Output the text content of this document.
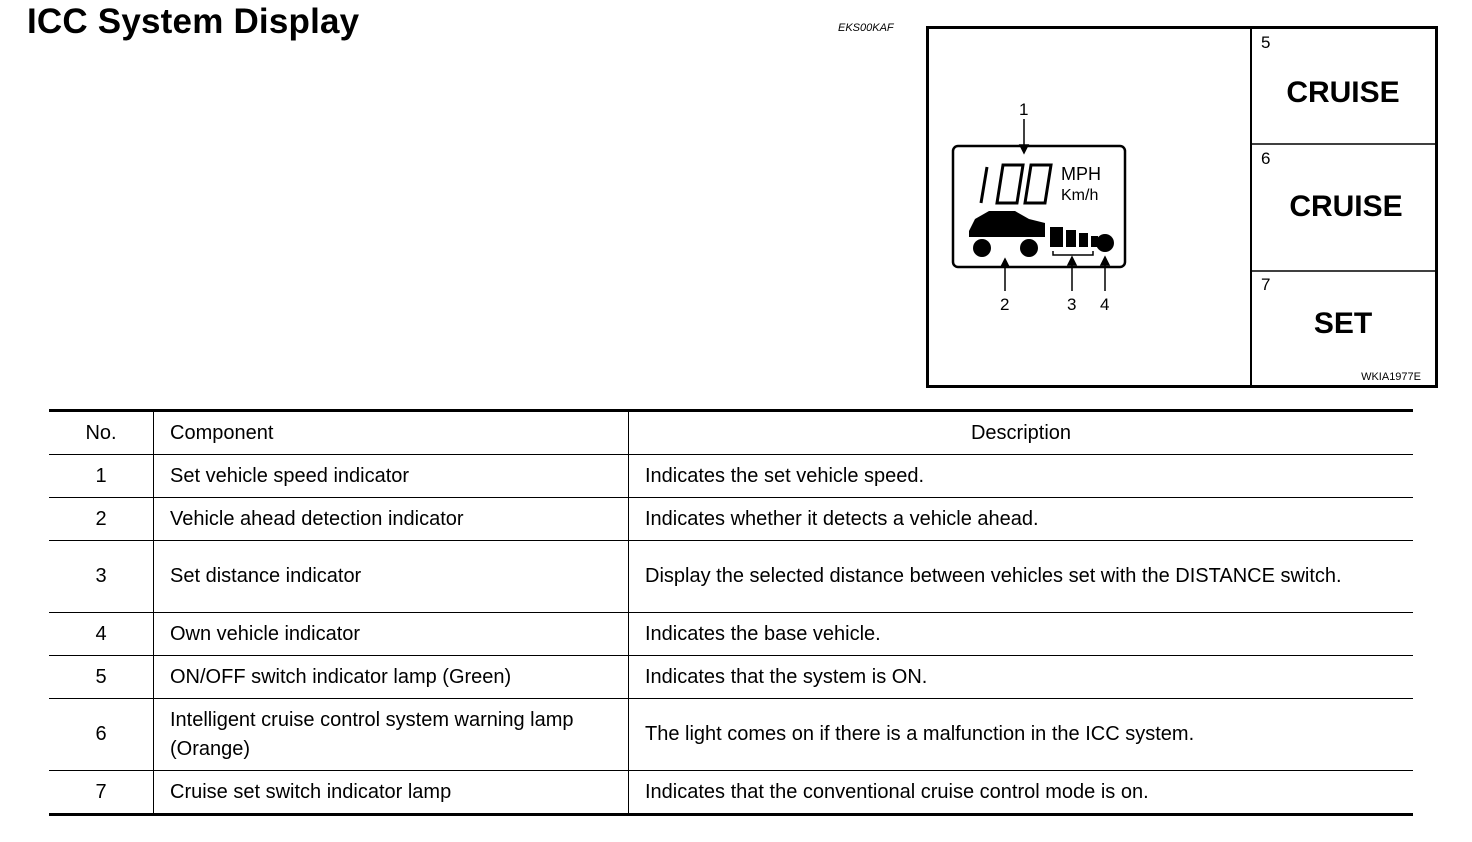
ICC System Display	EKS00KAF
MPH
Km/h
1
2	3 4
5
CRUISE
6
CRUISE
7
SET
WKIA1977E
No.	Component	Description
1	Set vehicle speed indicator	Indicates the set vehicle speed.
2	Vehicle ahead detection indicator	Indicates whether it detects a vehicle ahead.
3	Set distance indicator	Display the selected distance between vehicles set with the DISTANCE switch.
4	Own vehicle indicator	Indicates the base vehicle.
5	ON/OFF switch indicator lamp (Green)	Indicates that the system is ON.
6	Intelligent cruise control system warning lamp (Orange)	The light comes on if there is a malfunction in the ICC system.
7	Cruise set switch indicator lamp	Indicates that the conventional cruise control mode is on.
